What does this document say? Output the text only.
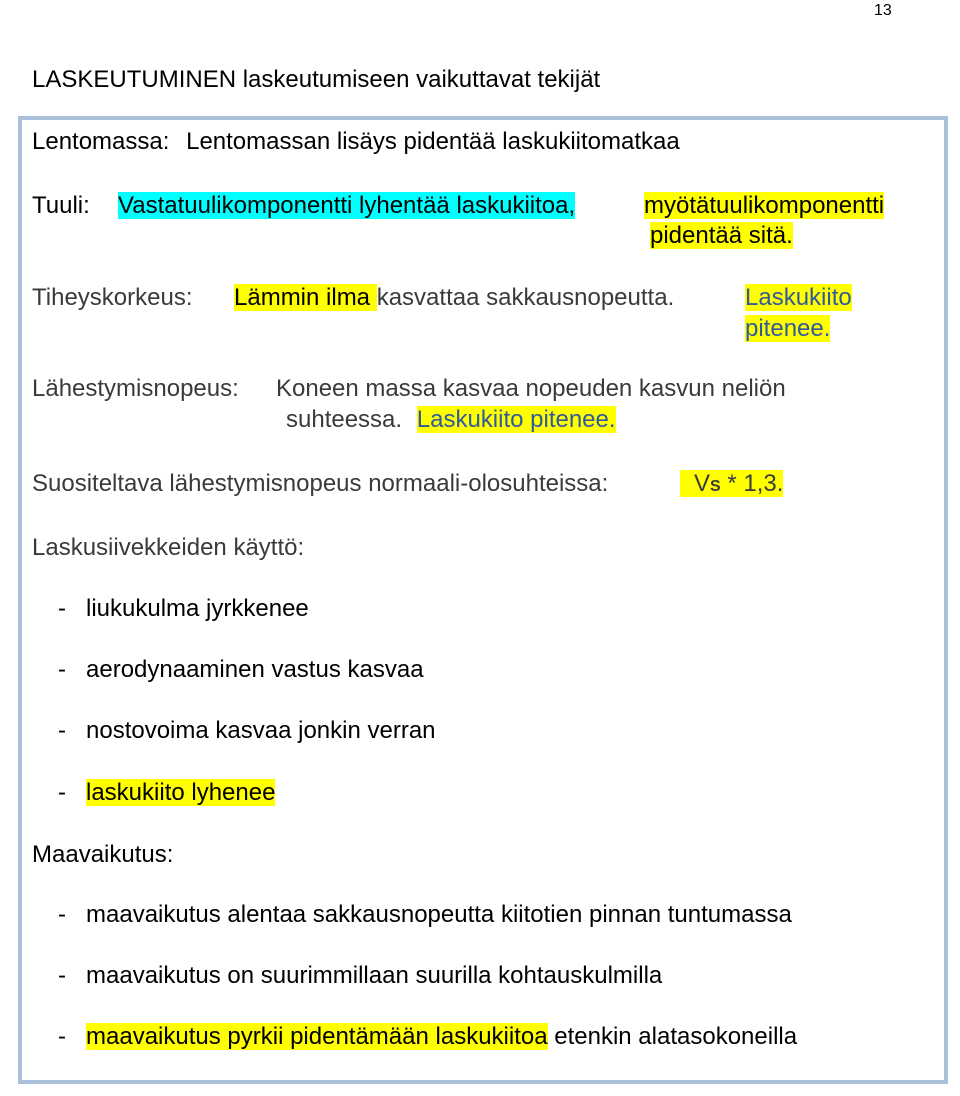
13
LASKEUTUMINEN laskeutumiseen vaikuttavat tekijät
Lentomassa: Lentomassan lisäys pidentää laskukiitomatkaa
Tuuli: Vastatuulikomponentti lyhentää laskukiitoa,	myötätuulikomponentti
pidentää sitä.
Tiheyskorkeus: Lämmin ilma kasvattaa sakkausnopeutta.	Laskukiito
pitenee.
Lähestymisnopeus: Koneen massa kasvaa nopeuden kasvun neliön
suhteessa. Laskukiito pitenee.
Suositeltava lähestymisnopeus normaali-olosuhteissa:	VS * 1,3.
Laskusiivekkeiden käyttö:
- liukukulma jyrkkenee
- aerodynaaminen vastus kasvaa
- nostovoima kasvaa jonkin verran
- laskukiito lyhenee
Maavaikutus:
- maavaikutus alentaa sakkausnopeutta kiitotien pinnan tuntumassa
- maavaikutus on suurimmillaan suurilla kohtauskulmilla
- maavaikutus pyrkii pidentämään laskukiitoa etenkin alatasokoneilla
